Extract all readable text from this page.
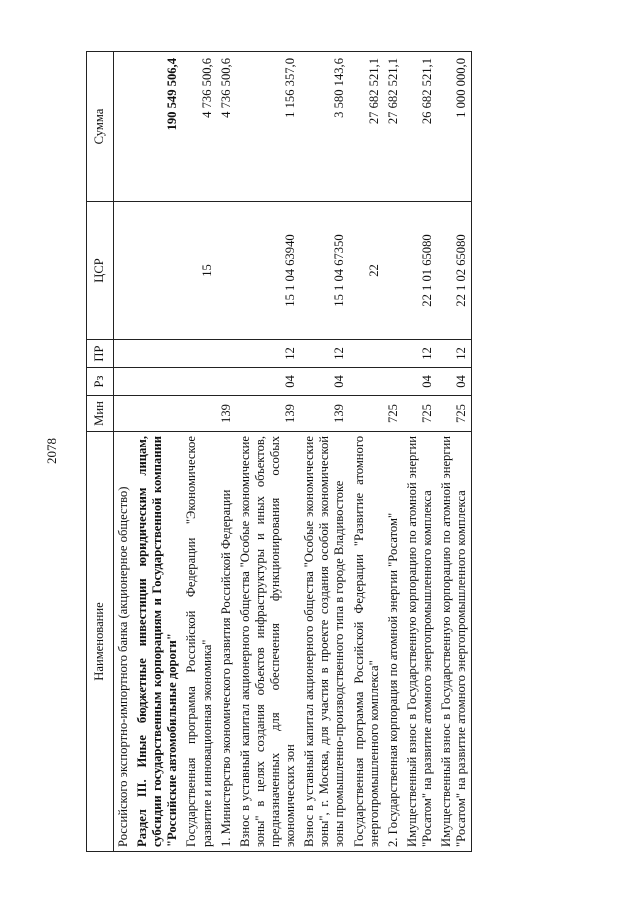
2078
Наименование	Мин	Рз	ПР	ЦСР	Сумма
Российского экспортно-импортного банка (акционерное общество)					
Раздел III. Иные бюджетные инвестиции юридическим лицам, субсидии государственным корпорациям и Государственной компании "Российские автомобильные дороги"					190 549 506,4
Государственная программа Российской Федерации "Экономическое развитие и инновационная экономика"				15	4 736 500,6
1. Министерство экономического развития Российской Федерации	139				4 736 500,6
Взнос в уставный капитал акционерного общества "Особые экономические зоны" в целях создания объектов инфраструктуры и иных объектов, предназначенных для обеспечения функционирования особых экономических зон	139	04	12	15 1 04 63940	1 156 357,0
Взнос в уставный капитал акционерного общества "Особые экономические зоны", г. Москва, для участия в проекте создания особой экономической зоны промышленно-производственного типа в городе Владивостоке	139	04	12	15 1 04 67350	3 580 143,6
Государственная программа Российской Федерации "Развитие атомного энергопромышленного комплекса"				22	27 682 521,1
2. Государственная корпорация по атомной энергии "Росатом"	725				27 682 521,1
Имущественный взнос в Государственную корпорацию по атомной энергии "Росатом" на развитие атомного энергопромышленного комплекса	725	04	12	22 1 01 65080	26 682 521,1
Имущественный взнос в Государственную корпорацию по атомной энергии "Росатом" на развитие атомного энергопромышленного комплекса	725	04	12	22 1 02 65080	1 000 000,0
